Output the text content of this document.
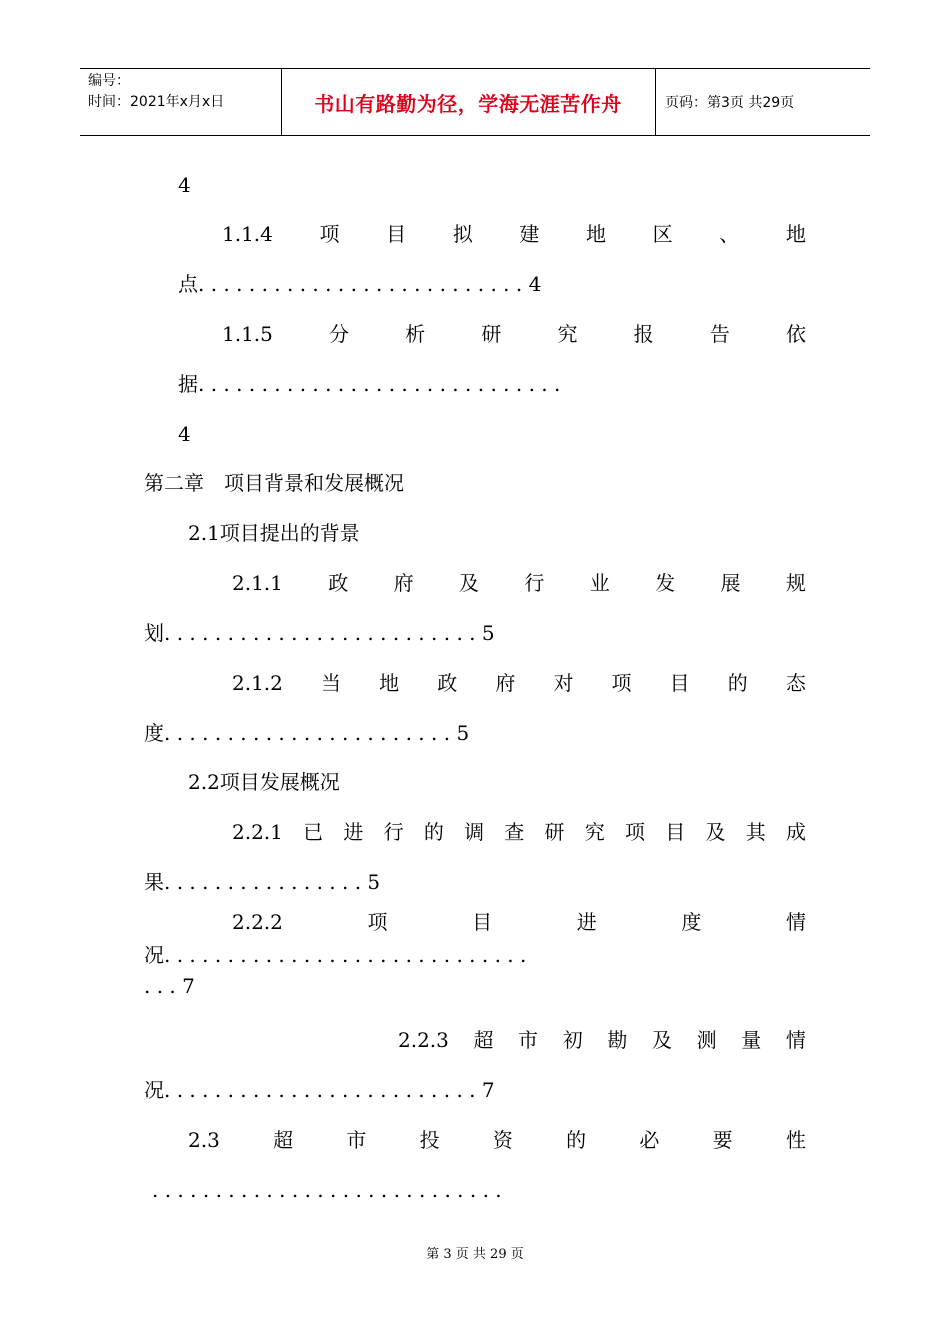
编号：
时间：2021年x月x日	书山有路勤为径，学海无涯苦作舟	页码：第3页 共29页
4
1.1.4 项 目 拟 建 地 区 、 地
点. . . . . . . . . . . . . . . . . . . . . . . . . . 4
1.1.5	分	析	研	究	报	告	依
据. . . . . . . . . . . . . . . . . . . . . . . . . . . . .
4
第二章　项目背景和发展概况
2.1项目提出的背景
2.1.1 政 府 及 行 业 发 展 规
划. . . . . . . . . . . . . . . . . . . . . . . . . 5
2.1.2 当 地 政 府 对 项 目 的 态
度. . . . . . . . . . . . . . . . . . . . . . . 5
2.2项目发展概况
2.2.1 已 进 行 的 调 查 研 究 项 目 及 其 成
果. . . . . . . . . . . . . . . . 5
2.2.2	项	目	进	度	情
况. . . . . . . . . . . . . . . . . . . . . . . . . . . . .
. . . 7
2.2.3 超 市 初 勘 及 测 量 情
况. . . . . . . . . . . . . . . . . . . . . . . . . 7
2.3	超	市	投	资	的	必	要	性
. . . . . . . . . . . . . . . . . . . . . . . . . . . .
第 3 页 共 29 页
